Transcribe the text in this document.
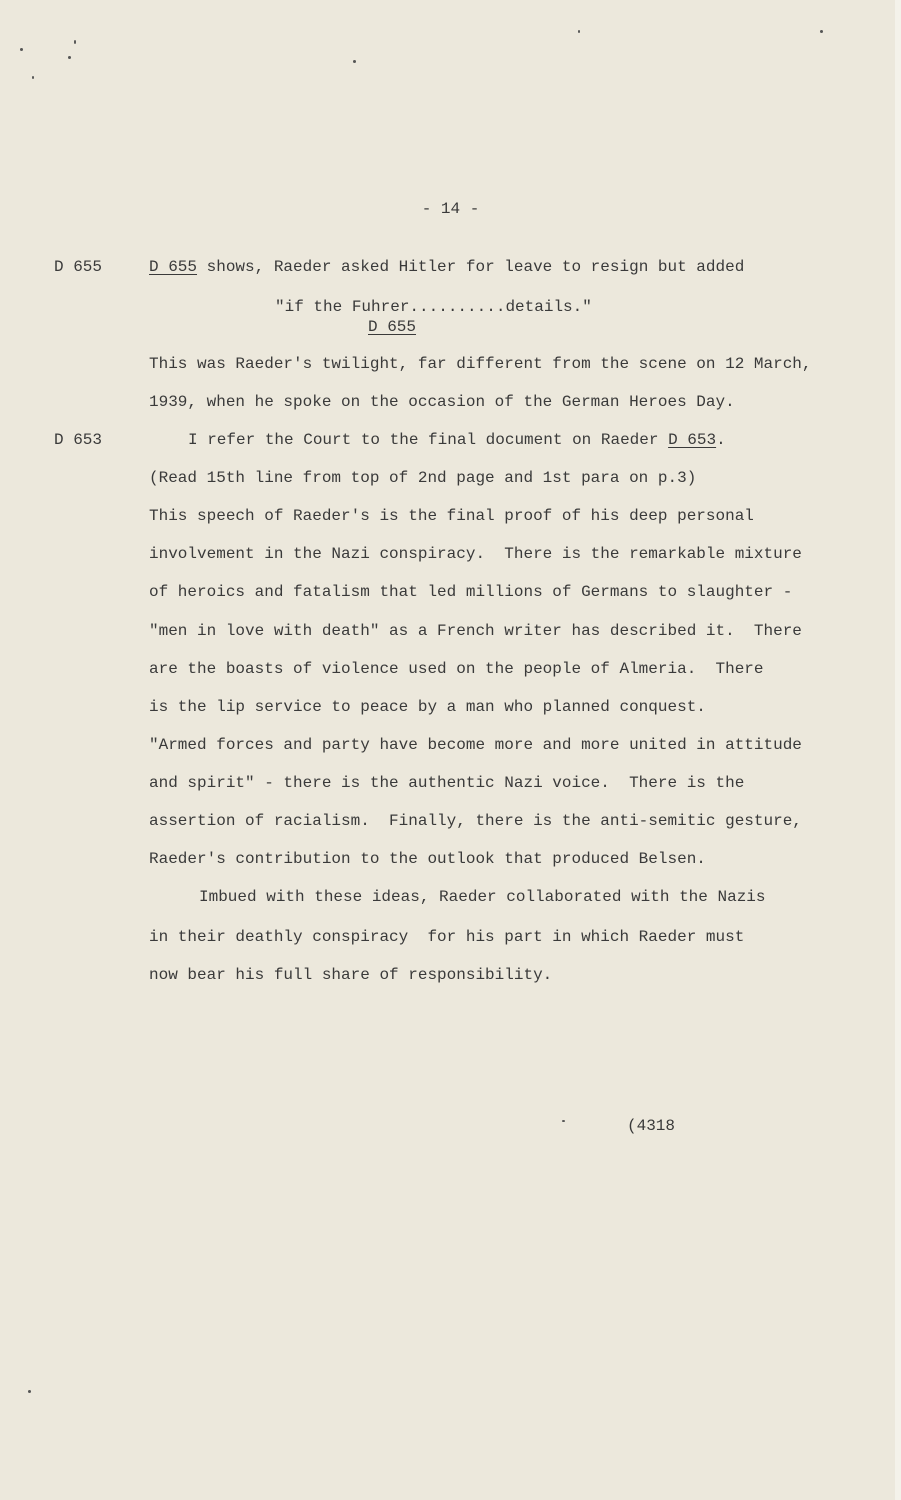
- 14 -
D 655
D 653
D 655 shows, Raeder asked Hitler for leave to resign but added
"if the Fuhrer..........details."
D 655
This was Raeder's twilight, far different from the scene on 12 March,
1939, when he spoke on the occasion of the German Heroes Day.
I refer the Court to the final document on Raeder D 653.
(Read 15th line from top of 2nd page and 1st para on p.3)
This speech of Raeder's is the final proof of his deep personal
involvement in the Nazi conspiracy.  There is the remarkable mixture
of heroics and fatalism that led millions of Germans to slaughter -
"men in love with death" as a French writer has described it.  There
are the boasts of violence used on the people of Almeria.  There
is the lip service to peace by a man who planned conquest.
"Armed forces and party have become more and more united in attitude
and spirit" - there is the authentic Nazi voice.  There is the
assertion of racialism.  Finally, there is the anti-semitic gesture,
Raeder's contribution to the outlook that produced Belsen.
Imbued with these ideas, Raeder collaborated with the Nazis
in their deathly conspiracy  for his part in which Raeder must
now bear his full share of responsibility.
(4318
